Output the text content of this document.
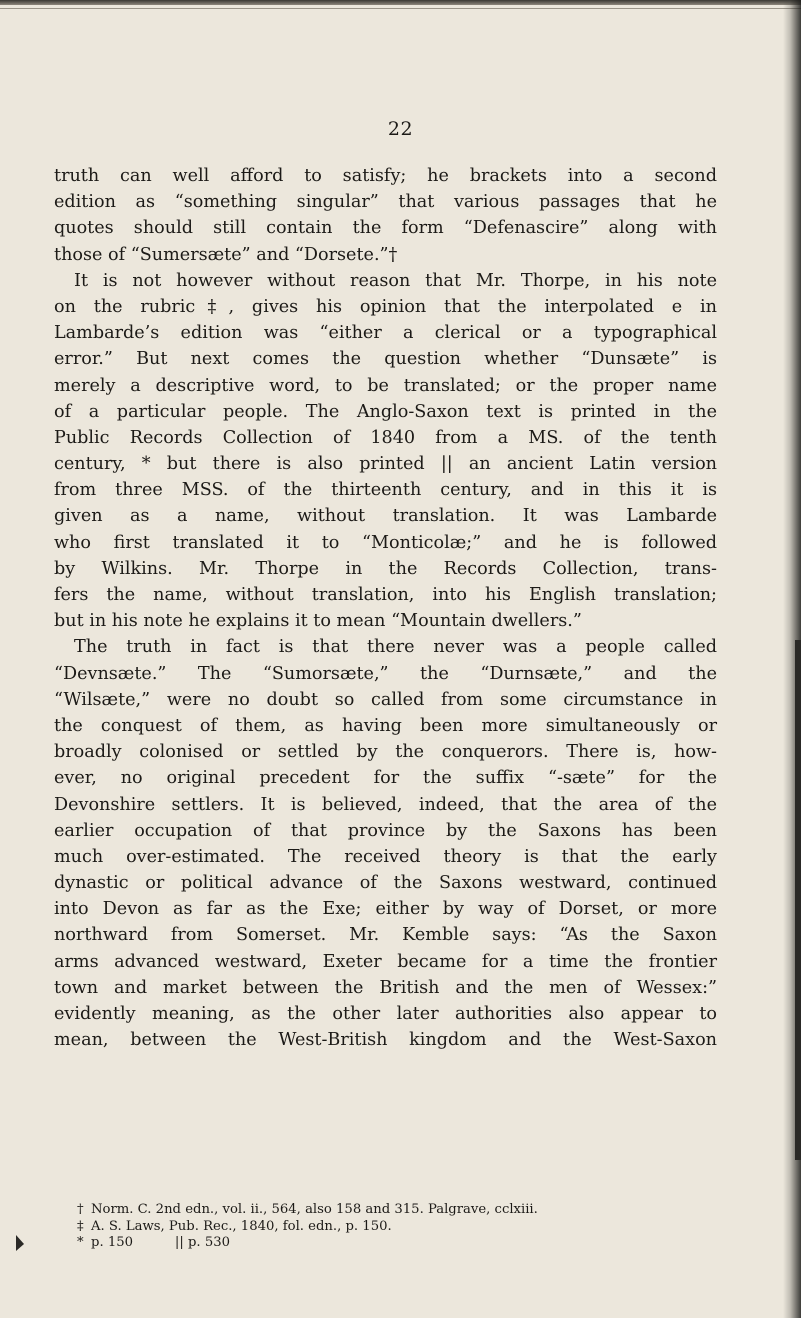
22
truth can well afford to satisfy; he brackets into a second
edition as “something singular” that various passages that he
quotes should still contain the form “Defenascire” along with
those of “Sumersæte” and “Dorsete.”†
It is not however without reason that Mr. Thorpe, in his note
on the rubric‡, gives his opinion that the interpolated e in
Lambarde’s edition was “either a clerical or a typographical
error.” But next comes the question whether “Dunsæte” is
merely a descriptive word, to be translated; or the proper name
of a particular people. The Anglo-Saxon text is printed in the
Public Records Collection of 1840 from a MS. of the tenth
century, * but there is also printed || an ancient Latin version
from three MSS. of the thirteenth century, and in this it is
given as a name, without translation. It was Lambarde
who first translated it to “Monticolæ;” and he is followed
by Wilkins. Mr. Thorpe in the Records Collection, trans-
fers the name, without translation, into his English translation;
but in his note he explains it to mean “Mountain dwellers.”
The truth in fact is that there never was a people called
“Devnsæte.” The “Sumorsæte,” the “Durnsæte,” and the
“Wilsæte,” were no doubt so called from some circumstance in
the conquest of them, as having been more simultaneously or
broadly colonised or settled by the conquerors. There is, how-
ever, no original precedent for the suffix “-sæte” for the
Devonshire settlers. It is believed, indeed, that the area of the
earlier occupation of that province by the Saxons has been
much over-estimated. The received theory is that the early
dynastic or political advance of the Saxons westward, continued
into Devon as far as the Exe; either by way of Dorset, or more
northward from Somerset. Mr. Kemble says: “As the Saxon
arms advanced westward, Exeter became for a time the frontier
town and market between the British and the men of Wessex:”
evidently meaning, as the other later authorities also appear to
mean, between the West-British kingdom and the West-Saxon
† Norm. C. 2nd edn., vol. ii., 564, also 158 and 315. Palgrave, cclxiii.
‡ A. S. Laws, Pub. Rec., 1840, fol. edn., p. 150.
* p. 150          || p. 530
